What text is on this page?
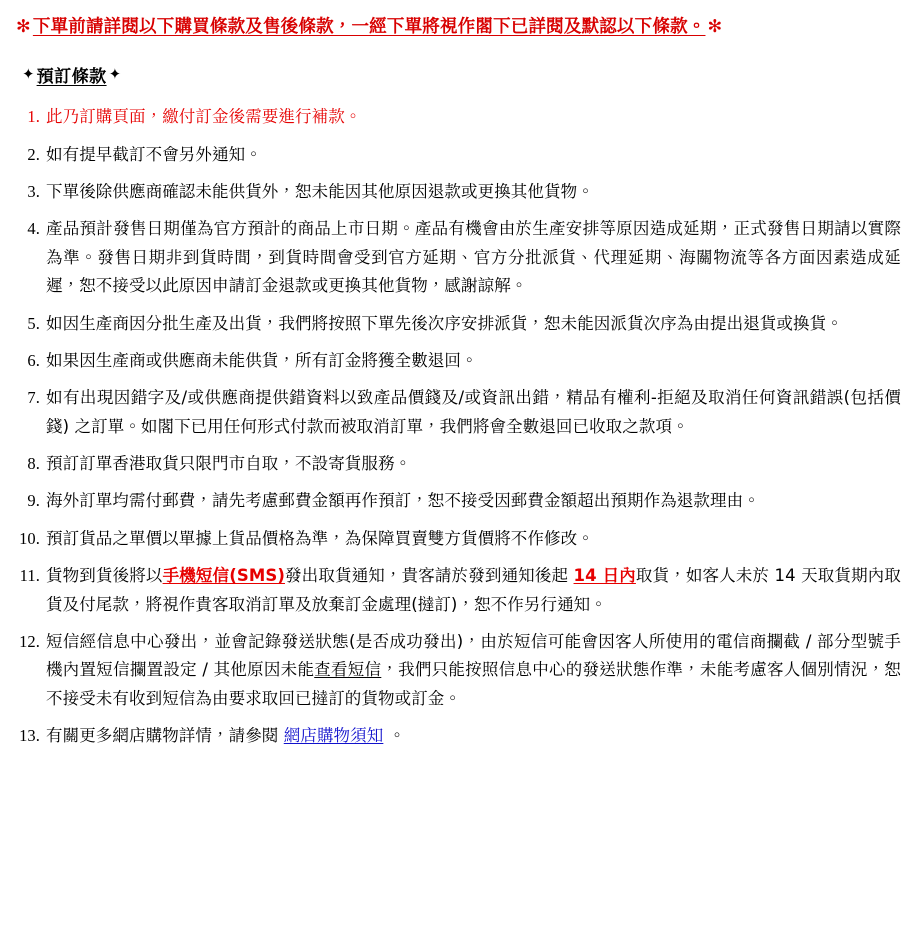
✻ 下單前請詳閱以下購買條款及售後條款，一經下單將視作閣下已詳閱及默認以下條款。 ✻
✦ 預訂條款 ✦
此乃訂購頁面，繳付訂金後需要進行補款。
如有提早截訂不會另外通知。
下單後除供應商確認未能供貨外，恕未能因其他原因退款或更換其他貨物。
產品預計發售日期僅為官方預計的商品上市日期。產品有機會由於生產安排等原因造成延期，正式發售日期請以實際為準。發售日期非到貨時間，到貨時間會受到官方延期、官方分批派貨、代理延期、海關物流等各方面因素造成延遲，恕不接受以此原因申請訂金退款或更換其他貨物，感謝諒解。
如因生產商因分批生產及出貨，我們將按照下單先後次序安排派貨，恕未能因派貨次序為由提出退貨或換貨。
如果因生產商或供應商未能供貨，所有訂金將獲全數退回。
如有出現因錯字及/或供應商提供錯資料以致產品價錢及/或資訊出錯，精品有權利-拒絕及取消任何資訊錯誤(包括價錢) 之訂單。如閣下已用任何形式付款而被取消訂單，我們將會全數退回已收取之款項。
預訂訂單香港取貨只限門市自取，不設寄貨服務。
海外訂單均需付郵費，請先考慮郵費金額再作預訂，恕不接受因郵費金額超出預期作為退款理由。
預訂貨品之單價以單據上貨品價格為準，為保障買賣雙方貨價將不作修改。
貨物到貨後將以手機短信(SMS)發出取貨通知，貴客請於發到通知後起 14 日內取貨，如客人未於 14 天取貨期內取貨及付尾款，將視作貴客取消訂單及放棄訂金處理(撻訂)，恕不作另行通知。
短信經信息中心發出，並會記錄發送狀態(是否成功發出)，由於短信可能會因客人所使用的電信商攔截 / 部分型號手機內置短信攔置設定 / 其他原因未能查看短信，我們只能按照信息中心的發送狀態作準，未能考慮客人個別情況，恕不接受未有收到短信為由要求取回已撻訂的貨物或訂金。
有關更多網店購物詳情，請參閱 網店購物須知 。
